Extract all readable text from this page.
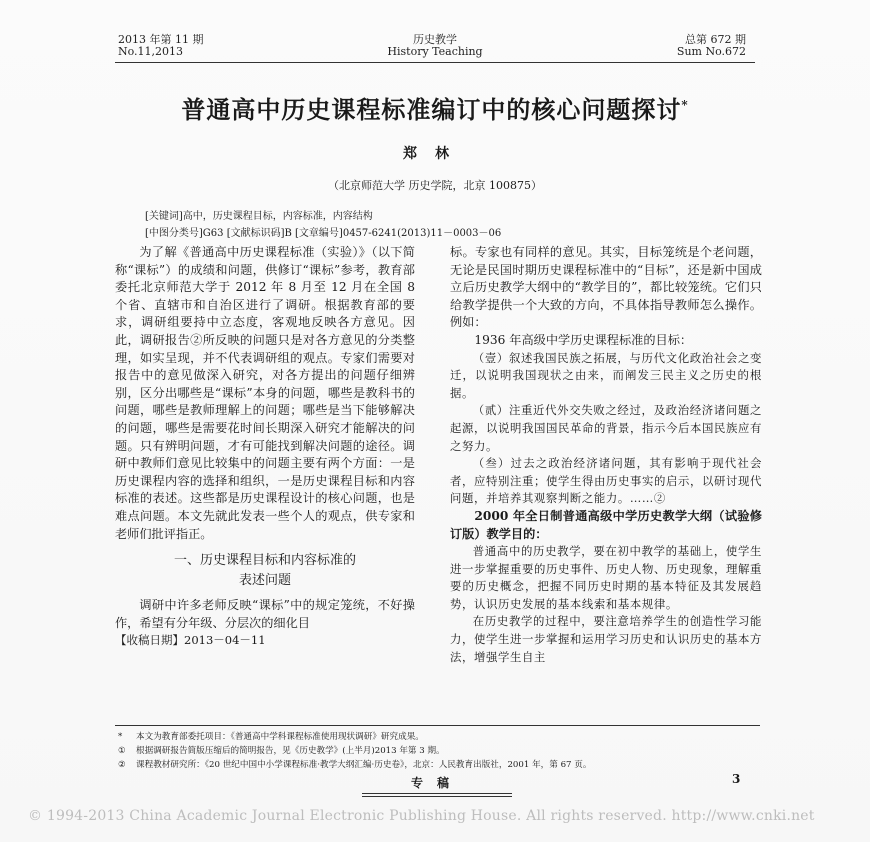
2013 年第 11 期
No.11,2013
历史教学
History Teaching
总第 672 期
Sum No.672
普通高中历史课程标准编订中的核心问题探讨*
郑林
（北京师范大学 历史学院，北京 100875）
[关键词]高中，历史课程目标，内容标准，内容结构
[中图分类号]G63 [文献标识码]B [文章编号]0457-6241(2013)11－0003－06

为了解《普通高中历史课程标准（实验）》（以下简称“课标”）的成绩和问题，供修订“课标”参考，教育部委托北京师范大学于 2012 年 8 月至 12 月在全国 8 个省、直辖市和自治区进行了调研。根据教育部的要求，调研组要持中立态度，客观地反映各方意见。因此，调研报告②所反映的问题只是对各方意见的分类整理，如实呈现，并不代表调研组的观点。专家们需要对报告中的意见做深入研究，对各方提出的问题仔细辨别，区分出哪些是“课标”本身的问题，哪些是教科书的问题，哪些是教师理解上的问题；哪些是当下能够解决的问题，哪些是需要花时间长期深入研究才能解决的问题。只有辨明问题，才有可能找到解决问题的途径。调研中教师们意见比较集中的问题主要有两个方面：一是历史课程内容的选择和组织，一是历史课程目标和内容标准的表述。这些都是历史课程设计的核心问题，也是难点问题。本文先就此发表一些个人的观点，供专家和老师们批评指正。

一、历史课程目标和内容标准的
表述问题

调研中许多老师反映“课标”中的规定笼统，不好操作，希望有分年级、分层次的细化目

【收稿日期】2013－04－11

标。专家也有同样的意见。其实，目标笼统是个老问题，无论是民国时期历史课程标准中的“目标”，还是新中国成立后历史教学大纲中的“教学目的”，都比较笼统。它们只给教学提供一个大致的方向，不具体指导教师怎么操作。例如：

1936 年高级中学历史课程标准的目标：

（壹）叙述我国民族之拓展，与历代文化政治社会之变迁，以说明我国现状之由来，而阐发三民主义之历史的根据。

（贰）注重近代外交失败之经过，及政治经济诸问题之起源，以说明我国国民革命的背景，指示今后本国民族应有之努力。

（叁）过去之政治经济诸问题，其有影响于现代社会者，应特别注重；使学生得由历史事实的启示，以研讨现代问题，并培养其观察判断之能力。……②

2000 年全日制普通高级中学历史教学大纲（试验修订版）教学目的：

普通高中的历史教学，要在初中教学的基础上，使学生进一步掌握重要的历史事件、历史人物、历史现象，理解重要的历史概念，把握不同历史时期的基本特征及其发展趋势，认识历史发展的基本线索和基本规律。

在历史教学的过程中，要注意培养学生的创造性学习能力，使学生进一步掌握和运用学习历史和认识历史的基本方法，增强学生自主

* 本文为教育部委托项目：《普通高中学科课程标准使用现状调研》研究成果。
① 根据调研报告简版压缩后的简明报告，见《历史教学》(上半月)2013 年第 3 期。
② 课程教材研究所：《20 世纪中国中小学课程标准·教学大纲汇编·历史卷》，北京：人民教育出版社，2001 年，第 67 页。
专稿	3
© 1994-2013 China Academic Journal Electronic Publishing House. All rights reserved. http://www.cnki.net
